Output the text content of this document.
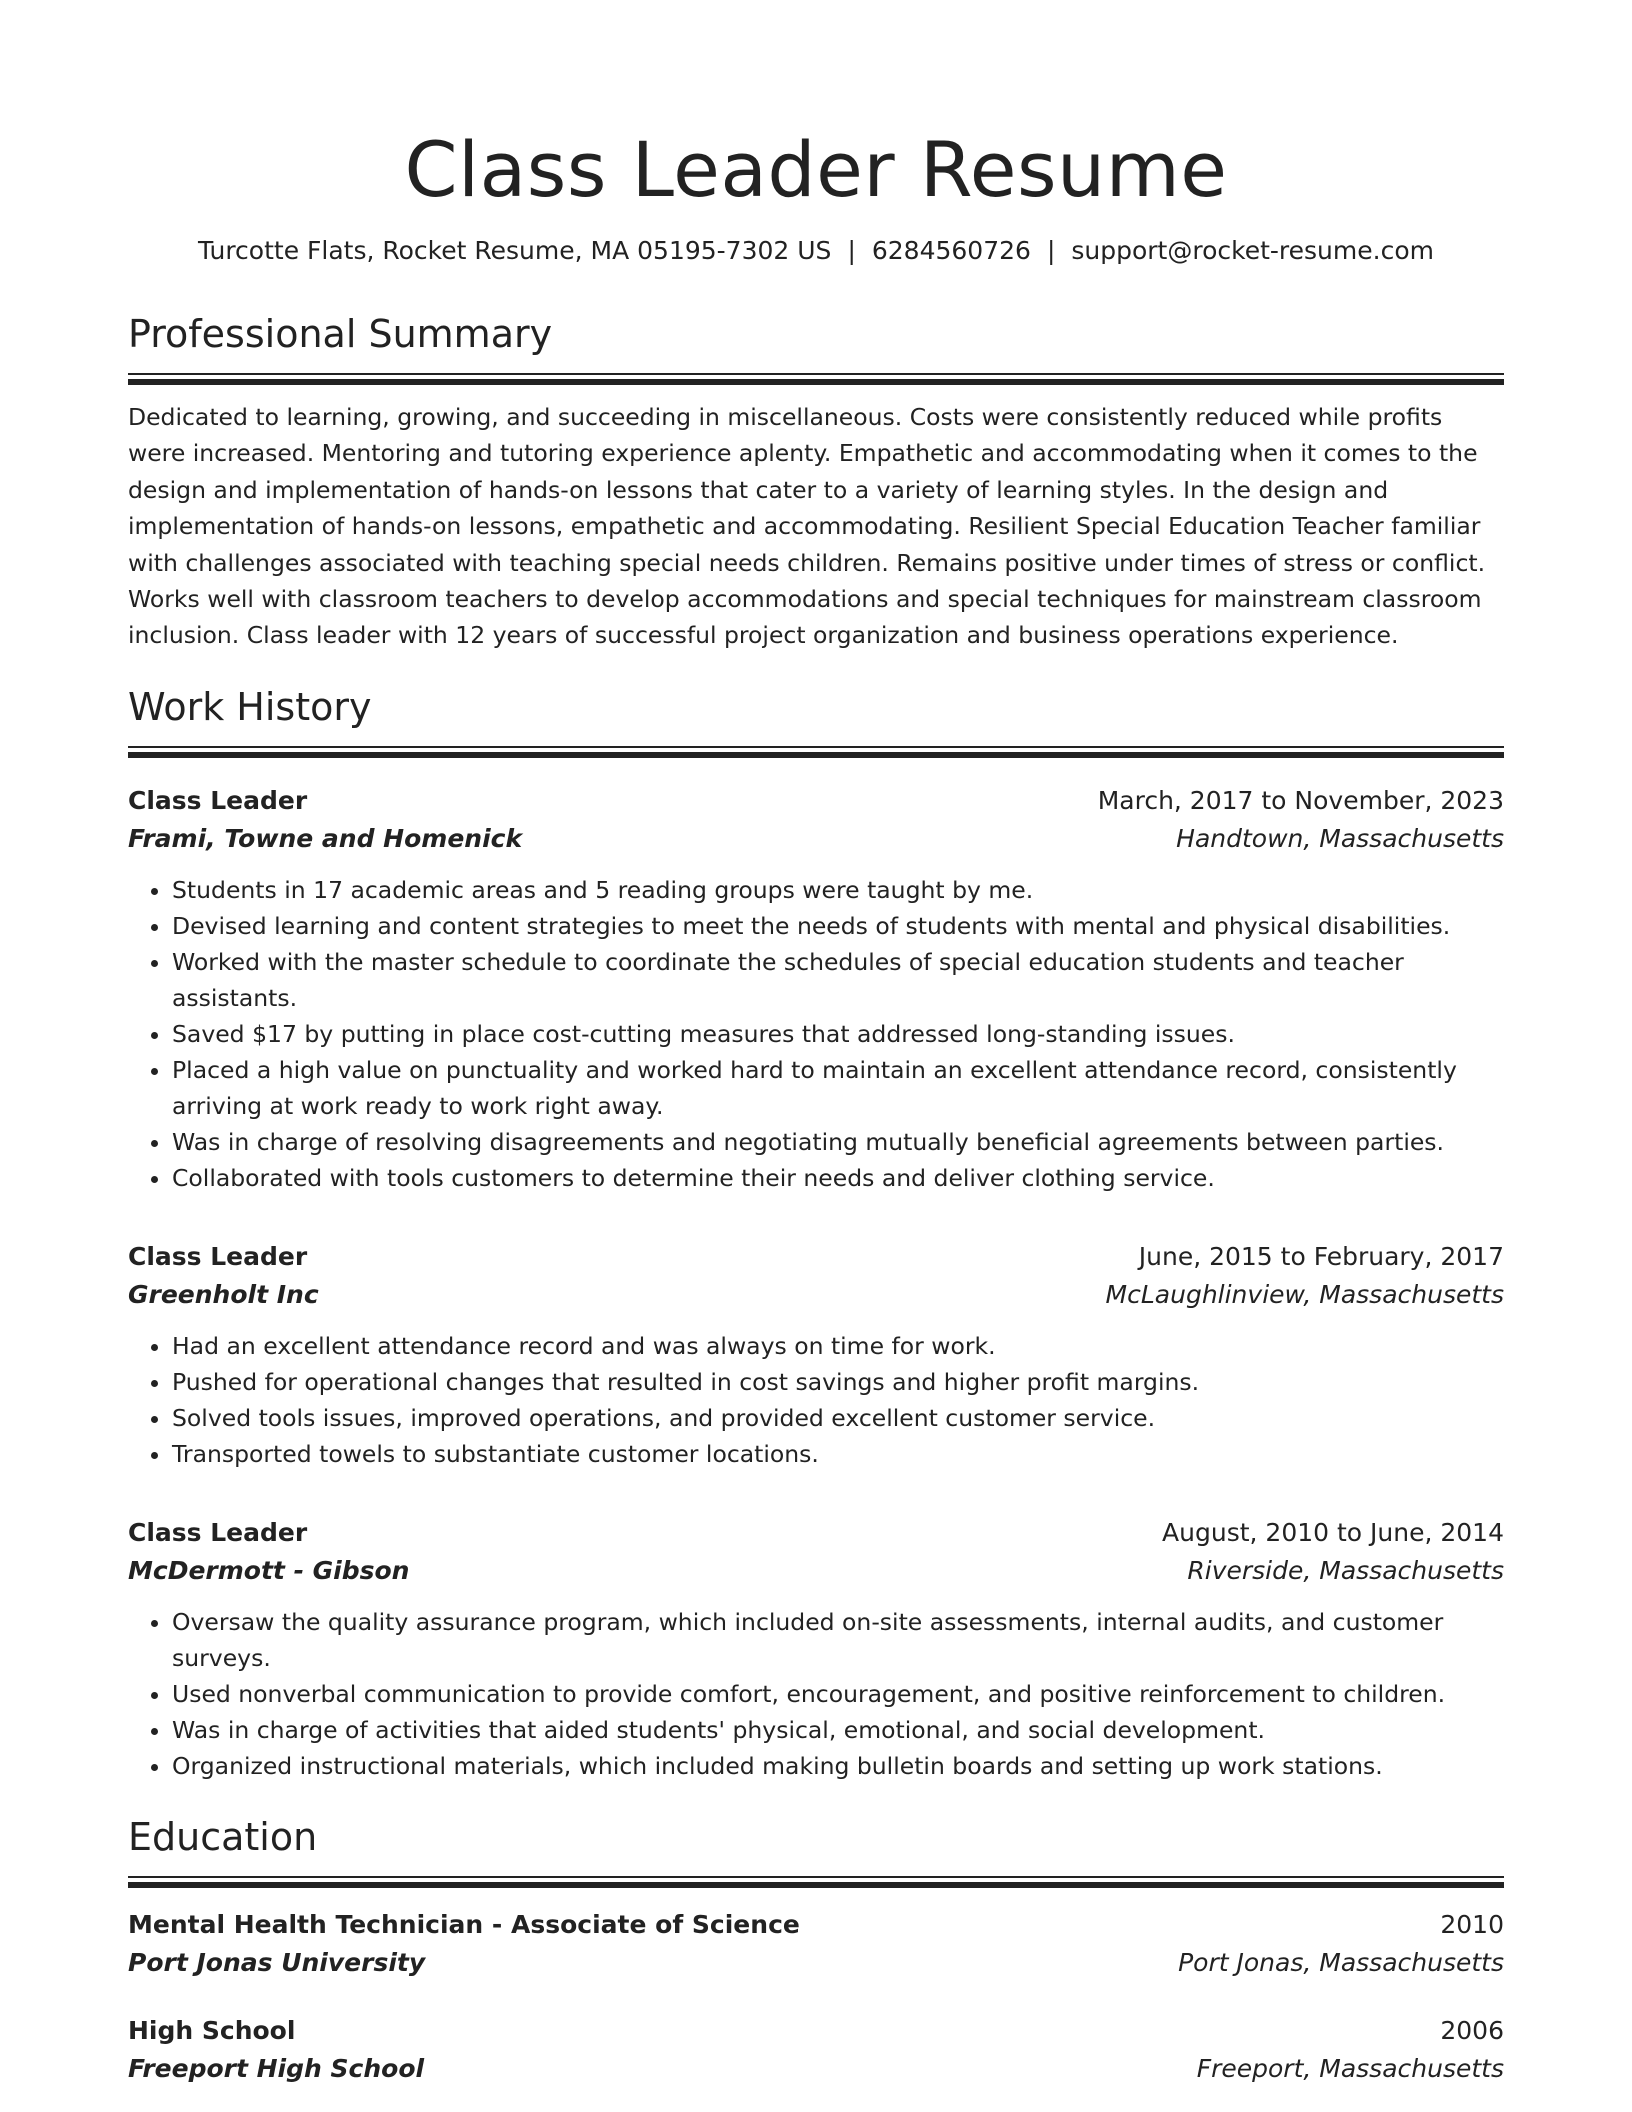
Class Leader Resume
Turcotte Flats, Rocket Resume, MA 05195-7302 US | 6284560726 | support@rocket-resume.com
Professional Summary

Dedicated to learning, growing, and succeeding in miscellaneous. Costs were consistently reduced while profits were increased. Mentoring and tutoring experience aplenty. Empathetic and accommodating when it comes to the design and implementation of hands-on lessons that cater to a variety of learning styles. In the design and implementation of hands-on lessons, empathetic and accommodating. Resilient Special Education Teacher familiar with challenges associated with teaching special needs children. Remains positive under times of stress or conflict. Works well with classroom teachers to develop accommodations and special techniques for mainstream classroom inclusion. Class leader with 12 years of successful project organization and business operations experience.

Work History
Class Leader	March, 2017 to November, 2023
Frami, Towne and Homenick	Handtown, Massachusetts
• Students in 17 academic areas and 5 reading groups were taught by me.
• Devised learning and content strategies to meet the needs of students with mental and physical disabilities.
• Worked with the master schedule to coordinate the schedules of special education students and teacher assistants.
• Saved $17 by putting in place cost-cutting measures that addressed long-standing issues.
• Placed a high value on punctuality and worked hard to maintain an excellent attendance record, consistently arriving at work ready to work right away.
• Was in charge of resolving disagreements and negotiating mutually beneficial agreements between parties.
• Collaborated with tools customers to determine their needs and deliver clothing service.
Class Leader	June, 2015 to February, 2017
Greenholt Inc	McLaughlinview, Massachusetts
• Had an excellent attendance record and was always on time for work.
• Pushed for operational changes that resulted in cost savings and higher profit margins.
• Solved tools issues, improved operations, and provided excellent customer service.
• Transported towels to substantiate customer locations.
Class Leader	August, 2010 to June, 2014
McDermott - Gibson	Riverside, Massachusetts
• Oversaw the quality assurance program, which included on-site assessments, internal audits, and customer surveys.
• Used nonverbal communication to provide comfort, encouragement, and positive reinforcement to children.
• Was in charge of activities that aided students' physical, emotional, and social development.
• Organized instructional materials, which included making bulletin boards and setting up work stations.
Education
Mental Health Technician - Associate of Science	2010
Port Jonas University	Port Jonas, Massachusetts
High School	2006
Freeport High School	Freeport, Massachusetts
